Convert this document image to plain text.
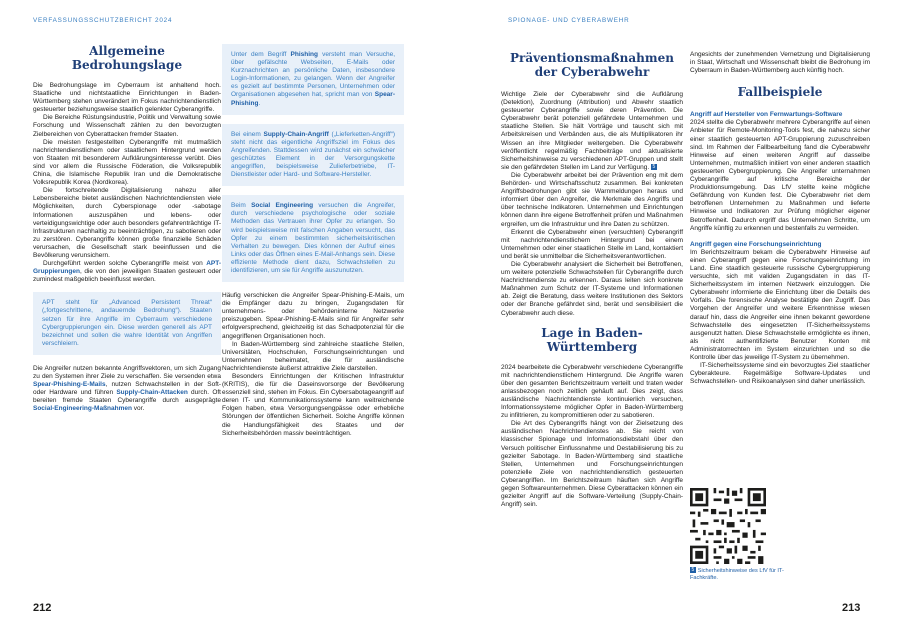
VERFASSUNGSSCHUTZBERICHT 2024
Allgemeine Bedrohungslage

Die Bedrohungslage im Cyberraum ist anhaltend hoch. Staatliche und nichtstaatliche Einrichtungen in Baden-Württemberg stehen unverändert im Fokus nachrichtendienstlich gesteuerter beziehungsweise staatlich gelenkter Cyberangriffe.

Die Bereiche Rüstungsindustrie, Politik und Verwaltung sowie Forschung und Wissenschaft zählen zu den bevorzugten Zielbereichen von Cyberattacken fremder Staaten.

Die meisten festgestellten Cyberangriffe mit mutmaßlich nachrichtendienstlichem oder staatlichem Hintergrund werden von Staaten mit besonderem Aufklärungsinteresse verübt. Dies sind vor allem die Russische Föderation, die Volksrepublik China, die Islamische Republik Iran und die Demokratische Volksrepublik Korea (Nordkorea).

Die fortschreitende Digitalisierung nahezu aller Lebensbereiche bietet ausländischen Nachrichtendiensten viele Möglichkeiten, durch Cyberspionage oder -sabotage Informationen auszuspähen und lebens- oder verteidigungswichtige oder auch besonders gefahrenträchtige IT-Infrastrukturen nachhaltig zu beeinträchtigen, zu sabotieren oder zu zerstören. Cyberangriffe können große finanzielle Schäden verursachen, die Gesellschaft stark beeinflussen und die Bevölkerung verunsichern.

Durchgeführt werden solche Cyberangriffe meist von APT-Gruppierungen, die von den jeweiligen Staaten gesteuert oder zumindest maßgeblich beeinflusst werden.

APT steht für „Advanced Persistent Threat“ („fortgeschrittene, andauernde Bedrohung“). Staaten setzen für ihre Angriffe im Cyberraum verschiedene Cybergruppierungen ein. Diese werden generell als APT bezeichnet und sollen die wahre Identität von Angriffen verschleiern.

Die Angreifer nutzen bekannte Angriffsvektoren, um sich Zugang zu den Systemen ihrer Ziele zu verschaffen. Sie versenden etwa Spear-Phishing-E-Mails, nutzen Schwachstellen in der Soft- oder Hardware und führen Supply-Chain-Attacken durch. Oft bereiten fremde Staaten Cyberangriffe durch ausgeprägte Social-Engineering-Maßnahmen vor.

Unter dem Begriff Phishing versteht man Versuche, über gefälschte Webseiten, E-Mails oder Kurznachrichten an persönliche Daten, insbesondere Login-Informationen, zu gelangen. Wenn der Angreifer es gezielt auf bestimmte Personen, Unternehmen oder Organisationen abgesehen hat, spricht man von Spear-Phishing.
Bei einem Supply-Chain-Angriff („Lieferketten-Angriff“) steht nicht das eigentliche Angriffsziel im Fokus des Angreifenden. Stattdessen wird zunächst ein schwächer geschütztes Element in der Versorgungskette angegriffen, beispielsweise Zulieferbetriebe, IT-Dienstleister oder Hard- und Software-Hersteller.
Beim Social Engineering versuchen die Angreifer, durch verschiedene psychologische oder soziale Methoden das Vertrauen ihrer Opfer zu erlangen. So wird beispielsweise mit falschen Angaben versucht, das Opfer zu einem bestimmten sicherheitskritischen Verhalten zu bewegen. Dies können der Aufruf eines Links oder das Öffnen eines E-Mail-Anhangs sein. Diese effiziente Methode dient dazu, Schwachstellen zu identifizieren, um sie für Angriffe auszunutzen.

Häufig verschicken die Angreifer Spear-Phishing-E-Mails, um die Empfänger dazu zu bringen, Zugangsdaten für unternehmens- oder behördeninterne Netzwerke preiszugeben. Spear-Phishing-E-Mails sind für Angreifer sehr erfolgversprechend, gleichzeitig ist das Schadpotenzial für die angegriffenen Organisationen hoch.

In Baden-Württemberg sind zahlreiche staatliche Stellen, Universitäten, Hochschulen, Forschungseinrichtungen und Unternehmen beheimatet, die für ausländische Nachrichtendienste äußerst attraktive Ziele darstellen.

Besonders Einrichtungen der Kritischen Infrastruktur (KRITIS), die für die Daseinsvorsorge der Bevölkerung essenziell sind, stehen im Fokus. Ein Cybersabotageangriff auf deren IT- und Kommunikationssysteme kann weitreichende Folgen haben, etwa Versorgungsengpässe oder erhebliche Störungen der öffentlichen Sicherheit. Solche Angriffe können die Handlungsfähigkeit des Staates und der Sicherheitsbehörden massiv beeinträchtigen.

212
SPIONAGE- UND CYBERABWEHR
Präventionsmaßnahmen der Cyberabwehr

Wichtige Ziele der Cyberabwehr sind die Aufklärung (Detektion), Zuordnung (Attribution) und Abwehr staatlich gesteuerter Cyberangriffe sowie deren Prävention. Die Cyberabwehr berät potenziell gefährdete Unternehmen und staatliche Stellen. Sie hält Vorträge und tauscht sich mit Arbeitskreisen und Verbänden aus, die als Multiplikatoren ihr Wissen an ihre Mitglieder weitergeben. Die Cyberabwehr veröffentlicht regelmäßig Fachbeiträge und aktualisierte Sicherheitshinweise zu verschiedenen APT-Gruppen und stellt sie den gefährdeten Stellen im Land zur Verfügung. 5

Die Cyberabwehr arbeitet bei der Prävention eng mit dem Behörden- und Wirtschaftsschutz zusammen. Bei konkreten Angriffsbedrohungen gibt sie Warnmeldungen heraus und informiert über den Angreifer, die Merkmale des Angriffs und über technische Indikatoren. Unternehmen und Einrichtungen können dann ihre eigene Betroffenheit prüfen und Maßnahmen ergreifen, um die Infrastruktur und ihre Daten zu schützen.

Erkennt die Cyberabwehr einen (versuchten) Cyberangriff mit nachrichtendienstlichem Hintergrund bei einem Unternehmen oder einer staatlichen Stelle im Land, kontaktiert und berät sie unmittelbar die Sicherheitsverantwortlichen.

Die Cyberabwehr analysiert die Sicherheit bei Betroffenen, um weitere potenzielle Schwachstellen für Cyberangriffe durch Nachrichtendienste zu erkennen. Daraus leiten sich konkrete Maßnahmen zum Schutz der IT-Systeme und Informationen ab. Zeigt die Beratung, dass weitere Institutionen des Sektors oder der Branche gefährdet sind, berät und sensibilisiert die Cyberabwehr auch diese.

Lage in Baden-Württemberg

2024 bearbeitete die Cyberabwehr verschiedene Cyberangriffe mit nachrichtendienstlichem Hintergrund. Die Angriffe waren über den gesamten Berichtszeitraum verteilt und traten weder anlassbezogen noch zeitlich gehäuft auf. Dies zeigt, dass ausländische Nachrichtendienste kontinuierlich versuchen, Informationssysteme möglicher Opfer in Baden-Württemberg zu infiltrieren, zu kompromittieren oder zu sabotieren.

Die Art des Cyberangriffs hängt von der Zielsetzung des ausländischen Nachrichtendienstes ab. Sie reicht von klassischer Spionage und Informationsdiebstahl über den Versuch politischer Einflussnahme und Destabilisierung bis zu gezielter Sabotage. In Baden-Württemberg sind staatliche Stellen, Unternehmen und Forschungseinrichtungen potenzielle Ziele von nachrichtendienstlich gesteuerten Cyberangriffen. Im Berichtszeitraum häuften sich Angriffe gegen Softwareunternehmen. Diese Cyberattacken können ein gezielter Angriff auf die Software-Verteilung (Supply-Chain-Angriff) sein.

Angesichts der zunehmenden Vernetzung und Digitalisierung in Staat, Wirtschaft und Wissenschaft bleibt die Bedrohung im Cyberraum in Baden-Württemberg auch künftig hoch.

Fallbeispiele

Angriff auf Hersteller von Fernwartungs-Software

2024 stellte die Cyberabwehr mehrere Cyberangriffe auf einen Anbieter für Remote-Monitoring-Tools fest, die nahezu sicher einer staatlich gesteuerten APT-Gruppierung zuzuschreiben sind. Im Rahmen der Fallbearbeitung fand die Cyberabwehr Hinweise auf einen weiteren Angriff auf dasselbe Unternehmen, mutmaßlich initiiert von einer anderen staatlich gesteuerten Cybergruppierung. Die Angreifer unternahmen Cyberangriffe auf kritische Bereiche der Produktionsumgebung. Das LfV stellte keine mögliche Gefährdung von Kunden fest. Die Cyberabwehr riet dem betroffenen Unternehmen zu Maßnahmen und lieferte Hinweise und Indikatoren zur Prüfung möglicher eigener Betroffenheit. Dadurch ergriff das Unternehmen Schritte, um Angriffe künftig zu erkennen und bestenfalls zu vermeiden.

Angriff gegen eine Forschungseinrichtung

Im Berichtszeitraum bekam die Cyberabwehr Hinweise auf einen Cyberangriff gegen eine Forschungseinrichtung im Land. Eine staatlich gesteuerte russische Cybergruppierung versuchte, sich mit validen Zugangsdaten in das IT-Sicherheitssystem im internen Netzwerk einzuloggen. Die Cyberabwehr informierte die Einrichtung über die Details des Vorfalls. Die forensische Analyse bestätigte den Zugriff. Das Vorgehen der Angreifer und weitere Erkenntnisse wiesen darauf hin, dass die Angreifer eine ihnen bekannt gewordene Schwachstelle des eingesetzten IT-Sicherheitssystems ausgenutzt hatten. Diese Schwachstelle ermöglichte es ihnen, als nicht authentifizierte Benutzer Konten mit Administratorrechten im System einzurichten und so die Kontrolle über das jeweilige IT-System zu übernehmen.

IT-Sicherheitssysteme sind ein bevorzugtes Ziel staatlicher Cyberakteure. Regelmäßige Software-Updates und Schwachstellen- und Risikoanalysen sind daher unerlässlich.

5 Sicherheitshinweise des LfV für IT-Fachkräfte.
213
